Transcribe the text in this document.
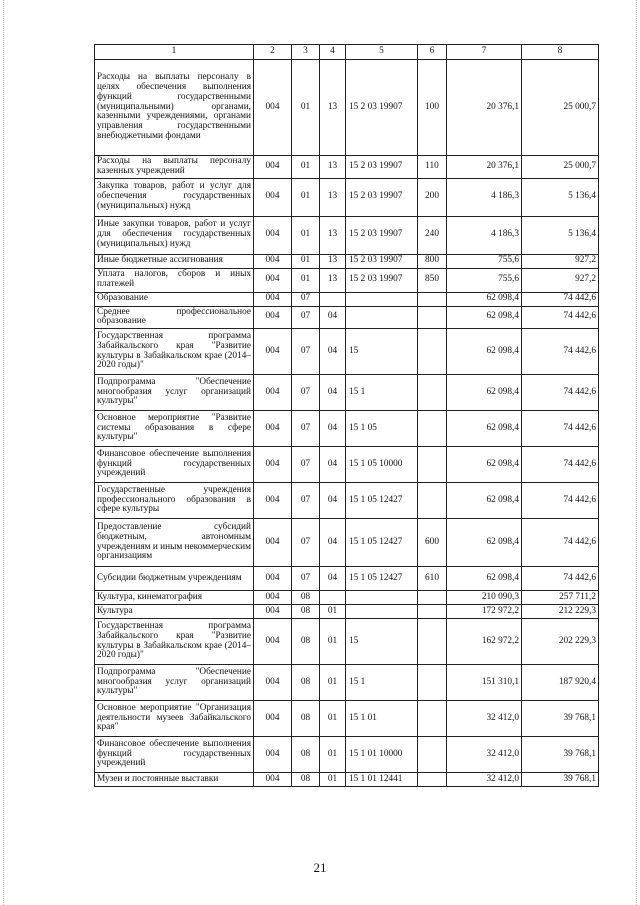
1	2	3	4	5	6	7	8
Расходы на выплаты персоналу в целях обеспечения выполнения функций государственными (муниципальными) органами, казенными учреждениями, органами управления государственными внебюджетными фондами	004	01	13	15 2 03 19907	100	20 376,1	25 000,7
Расходы на выплаты персоналу казенных учреждений	004	01	13	15 2 03 19907	110	20 376,1	25 000,7
Закупка товаров, работ и услуг для обеспечения государственных (муниципальных) нужд	004	01	13	15 2 03 19907	200	4 186,3	5 136,4
Иные закупки товаров, работ и услуг для обеспечения государственных (муниципальных) нужд	004	01	13	15 2 03 19907	240	4 186,3	5 136,4
Иные бюджетные ассигнования	004	01	13	15 2 03 19907	800	755,6	927,2
Уплата налогов, сборов и иных платежей	004	01	13	15 2 03 19907	850	755,6	927,2
Образование	004	07				62 098,4	74 442,6
Среднее профессиональное образование	004	07	04			62 098,4	74 442,6
Государственная программа Забайкальского края "Развитие культуры в Забайкальском крае (2014–2020 годы)"	004	07	04	15		62 098,4	74 442,6
Подпрограмма "Обеспечение многообразия услуг организаций культуры"	004	07	04	15 1		62 098,4	74 442,6
Основное мероприятие "Развитие системы образования в сфере культуры"	004	07	04	15 1 05		62 098,4	74 442,6
Финансовое обеспечение выполнения функций государственных учреждений	004	07	04	15 1 05 10000		62 098,4	74 442,6
Государственные учреждения профессионального образования в сфере культуры	004	07	04	15 1 05 12427		62 098,4	74 442,6
Предоставление субсидий бюджетным, автономным учреждениям и иным некоммерческим организациям	004	07	04	15 1 05 12427	600	62 098,4	74 442,6
Субсидии бюджетным учреждениям	004	07	04	15 1 05 12427	610	62 098,4	74 442,6
Культура, кинематография	004	08				210 090,3	257 711,2
Культура	004	08	01			172 972,2	212 229,3
Государственная программа Забайкальского края "Развитие культуры в Забайкальском крае (2014–2020 годы)"	004	08	01	15		162 972,2	202 229,3
Подпрограмма "Обеспечение многообразия услуг организаций культуры"	004	08	01	15 1		151 310,1	187 920,4
Основное мероприятие "Организация деятельности музеев Забайкальского края"	004	08	01	15 1 01		32 412,0	39 768,1
Финансовое обеспечение выполнения функций государственных учреждений	004	08	01	15 1 01 10000		32 412,0	39 768,1
Музеи и постоянные выставки	004	08	01	15 1 01 12441		32 412,0	39 768,1
21
